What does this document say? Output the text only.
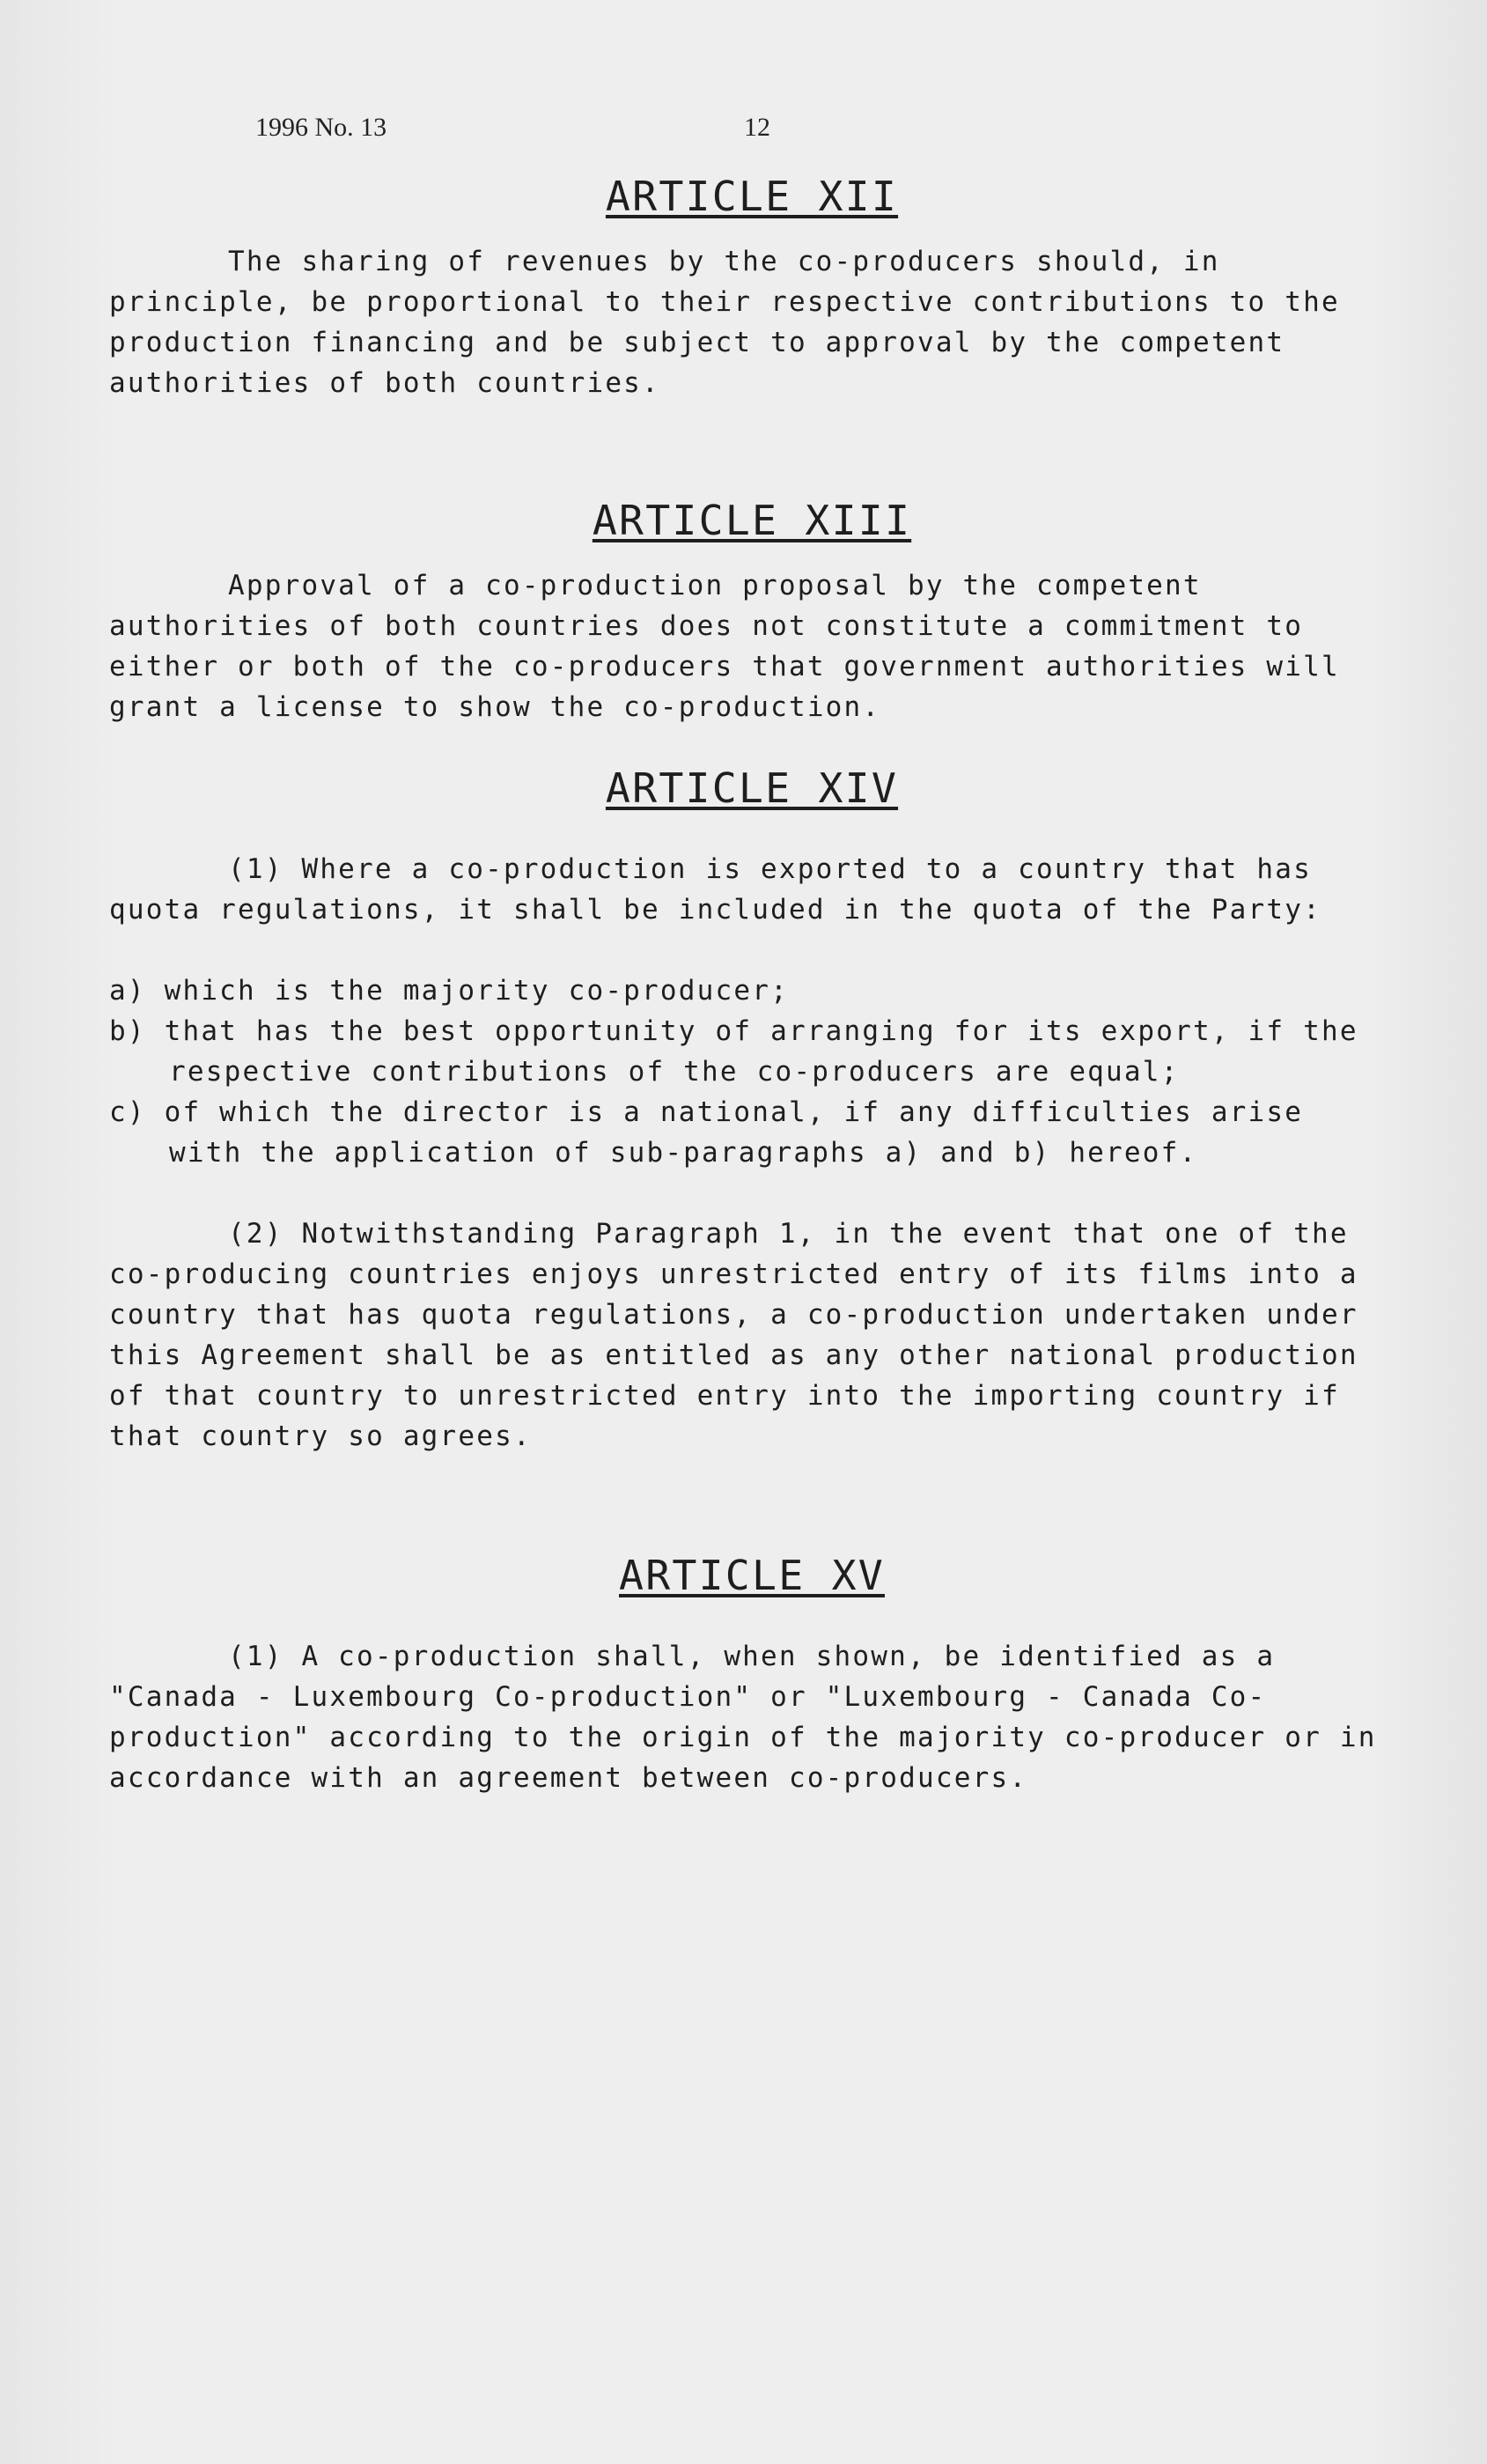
1996 No. 13	12
ARTICLE XII

The sharing of revenues by the co-producers should, in principle, be proportional to their respective contributions to the production financing and be subject to approval by the competent authorities of both countries.

ARTICLE XIII

Approval of a co-production proposal by the competent authorities of both countries does not constitute a commitment to either or both of the co-producers that government authorities will grant a license to show the co-production.

ARTICLE XIV

(1) Where a co-production is exported to a country that has quota regulations, it shall be included in the quota of the Party:

a) which is the majority co-producer;
b) that has the best opportunity of arranging for its export, if the respective contributions of the co-producers are equal;
c) of which the director is a national, if any difficulties arise with the application of sub-paragraphs a) and b) hereof.

(2) Notwithstanding Paragraph 1, in the event that one of the co-producing countries enjoys unrestricted entry of its films into a country that has quota regulations, a co-production undertaken under this Agreement shall be as entitled as any other national production of that country to unrestricted entry into the importing country if that country so agrees.

ARTICLE XV

(1) A co-production shall, when shown, be identified as a "Canada - Luxembourg Co-production" or "Luxembourg - Canada Co-production" according to the origin of the majority co-producer or in accordance with an agreement between co-producers.
